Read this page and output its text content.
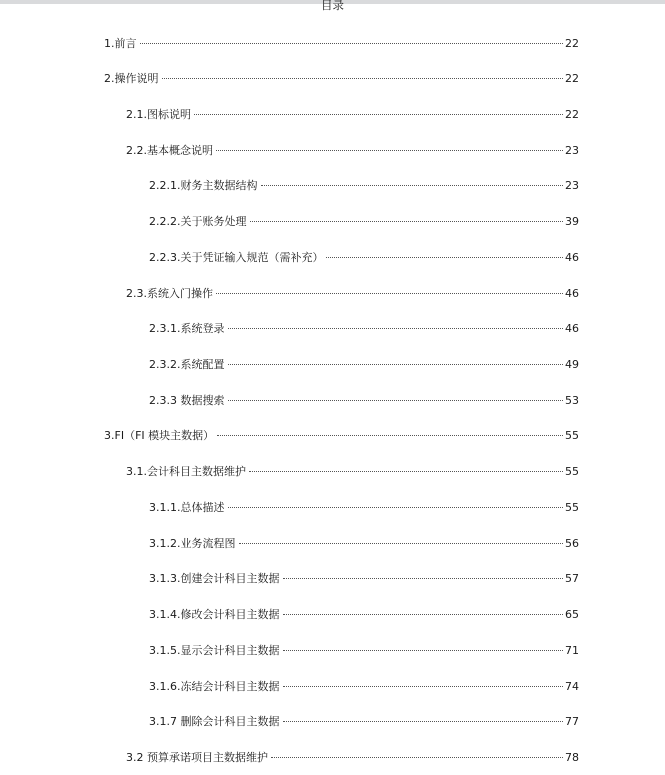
目录
1.前言	22
2.操作说明	22
2.1.图标说明	22
2.2.基本概念说明	23
2.2.1.财务主数据结构	23
2.2.2.关于账务处理	39
2.2.3.关于凭证输入规范（需补充）	46
2.3.系统入门操作	46
2.3.1.系统登录	46
2.3.2.系统配置	49
2.3.3 数据搜索	53
3.FI（FI 模块主数据）	55
3.1.会计科目主数据维护	55
3.1.1.总体描述	55
3.1.2.业务流程图	56
3.1.3.创建会计科目主数据	57
3.1.4.修改会计科目主数据	65
3.1.5.显示会计科目主数据	71
3.1.6.冻结会计科目主数据	74
3.1.7 删除会计科目主数据	77
3.2 预算承诺项目主数据维护	78
